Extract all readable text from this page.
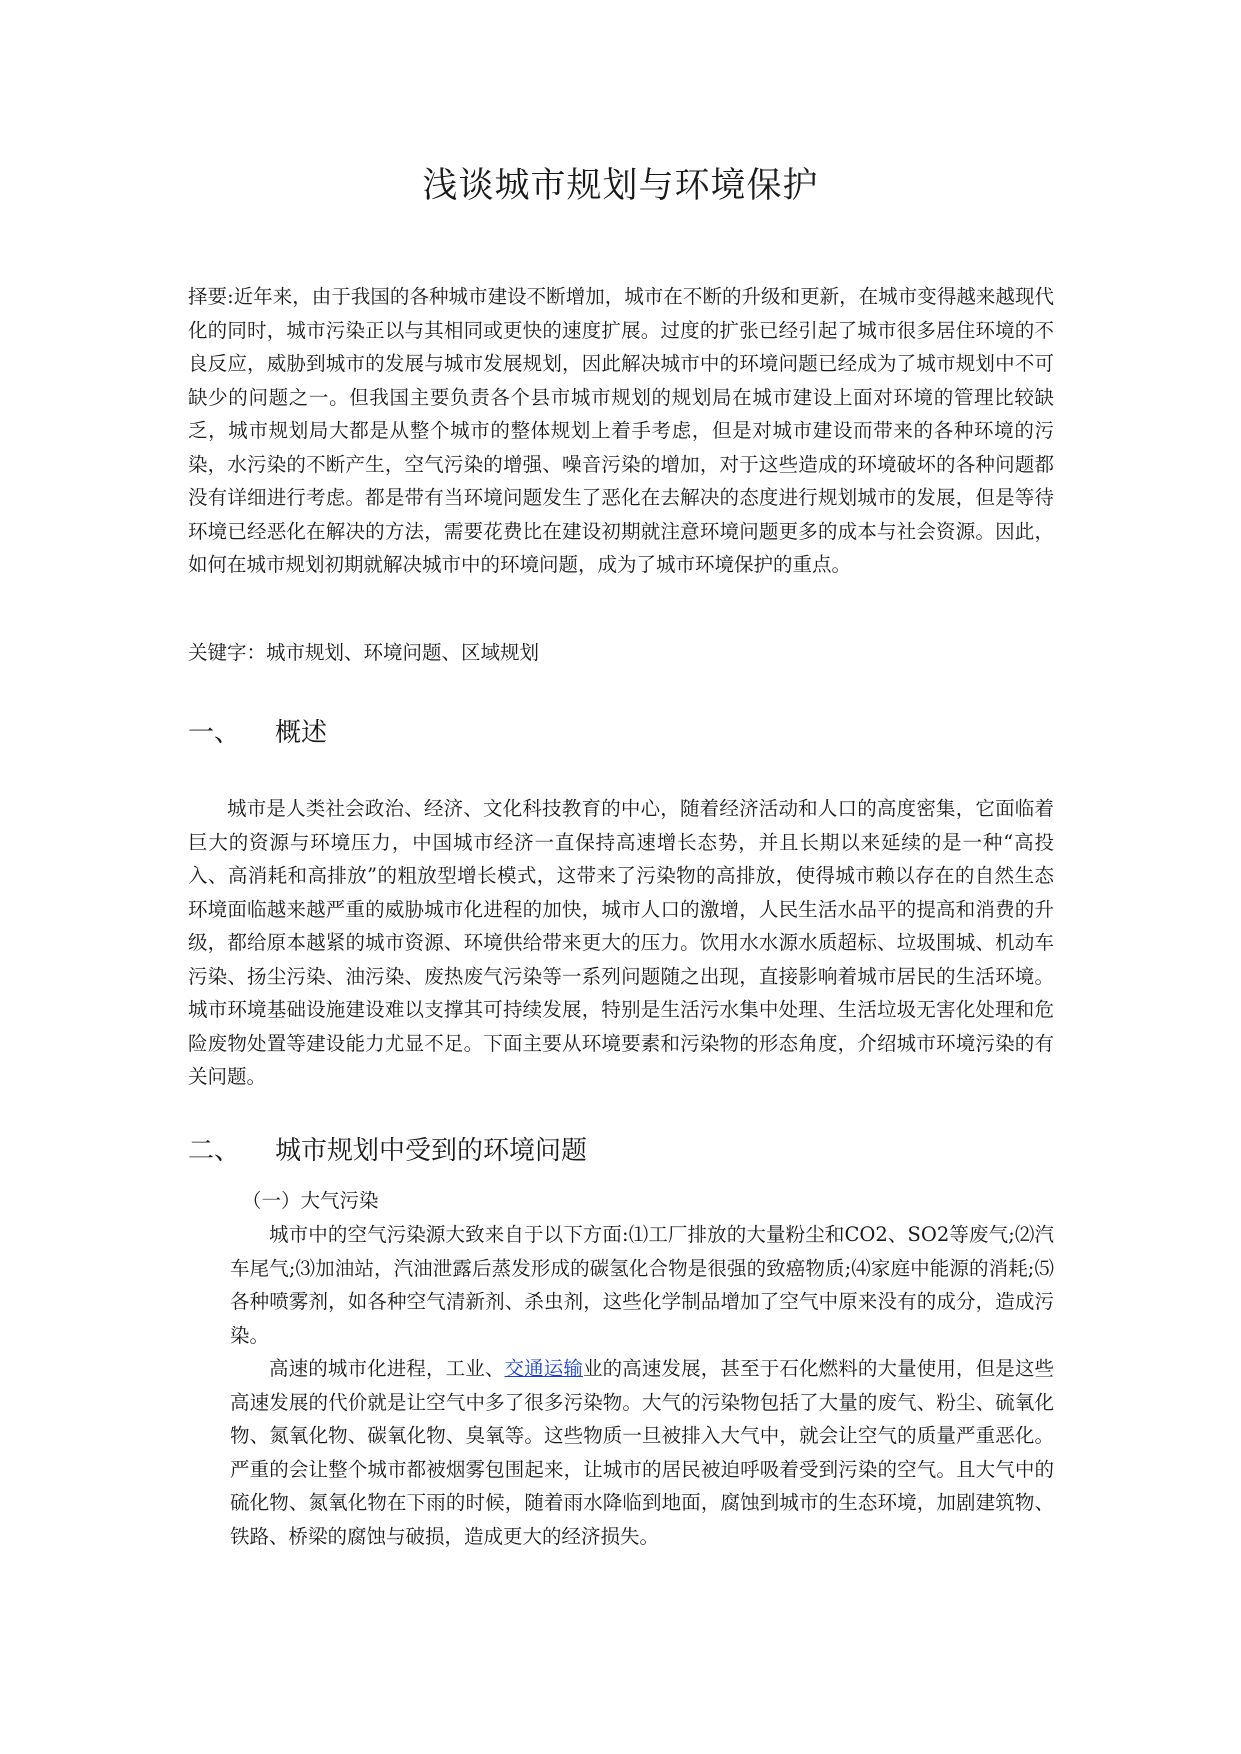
浅谈城市规划与环境保护

择要:近年来，由于我国的各种城市建设不断增加，城市在不断的升级和更新，在城市变得越来越现代化的同时，城市污染正以与其相同或更快的速度扩展。过度的扩张已经引起了城市很多居住环境的不良反应，威胁到城市的发展与城市发展规划，因此解决城市中的环境问题已经成为了城市规划中不可缺少的问题之一。但我国主要负责各个县市城市规划的规划局在城市建设上面对环境的管理比较缺乏，城市规划局大都是从整个城市的整体规划上着手考虑，但是对城市建设而带来的各种环境的污染，水污染的不断产生，空气污染的增强、噪音污染的增加，对于这些造成的环境破坏的各种问题都没有详细进行考虑。都是带有当环境问题发生了恶化在去解决的态度进行规划城市的发展，但是等待环境已经恶化在解决的方法，需要花费比在建设初期就注意环境问题更多的成本与社会资源。因此，如何在城市规划初期就解决城市中的环境问题，成为了城市环境保护的重点。

关键字：城市规划、环境问题、区域规划

一、	概述

城市是人类社会政治、经济、文化科技教育的中心，随着经济活动和人口的高度密集，它面临着巨大的资源与环境压力，中国城市经济一直保持高速增长态势，并且长期以来延续的是一种“高投入、高消耗和高排放”的粗放型增长模式，这带来了污染物的高排放，使得城市赖以存在的自然生态环境面临越来越严重的威胁城市化进程的加快，城市人口的激增，人民生活水品平的提高和消费的升级，都给原本越紧的城市资源、环境供给带来更大的压力。饮用水水源水质超标、垃圾围城、机动车污染、扬尘污染、油污染、废热废气污染等一系列问题随之出现，直接影响着城市居民的生活环境。城市环境基础设施建设难以支撑其可持续发展，特别是生活污水集中处理、生活垃圾无害化处理和危险废物处置等建设能力尤显不足。下面主要从环境要素和污染物的形态角度，介绍城市环境污染的有关问题。

二、	城市规划中受到的环境问题

（一）大气污染

城市中的空气污染源大致来自于以下方面:⑴工厂排放的大量粉尘和CO2、SO2等废气;⑵汽车尾气;⑶加油站，汽油泄露后蒸发形成的碳氢化合物是很强的致癌物质;⑷家庭中能源的消耗;⑸各种喷雾剂，如各种空气清新剂、杀虫剂，这些化学制品增加了空气中原来没有的成分，造成污染。

高速的城市化进程，工业、交通运输业的高速发展，甚至于石化燃料的大量使用，但是这些高速发展的代价就是让空气中多了很多污染物。大气的污染物包括了大量的废气、粉尘、硫氧化物、氮氧化物、碳氧化物、臭氧等。这些物质一旦被排入大气中，就会让空气的质量严重恶化。严重的会让整个城市都被烟雾包围起来，让城市的居民被迫呼吸着受到污染的空气。且大气中的硫化物、氮氧化物在下雨的时候，随着雨水降临到地面，腐蚀到城市的生态环境，加剧建筑物、铁路、桥梁的腐蚀与破损，造成更大的经济损失。
